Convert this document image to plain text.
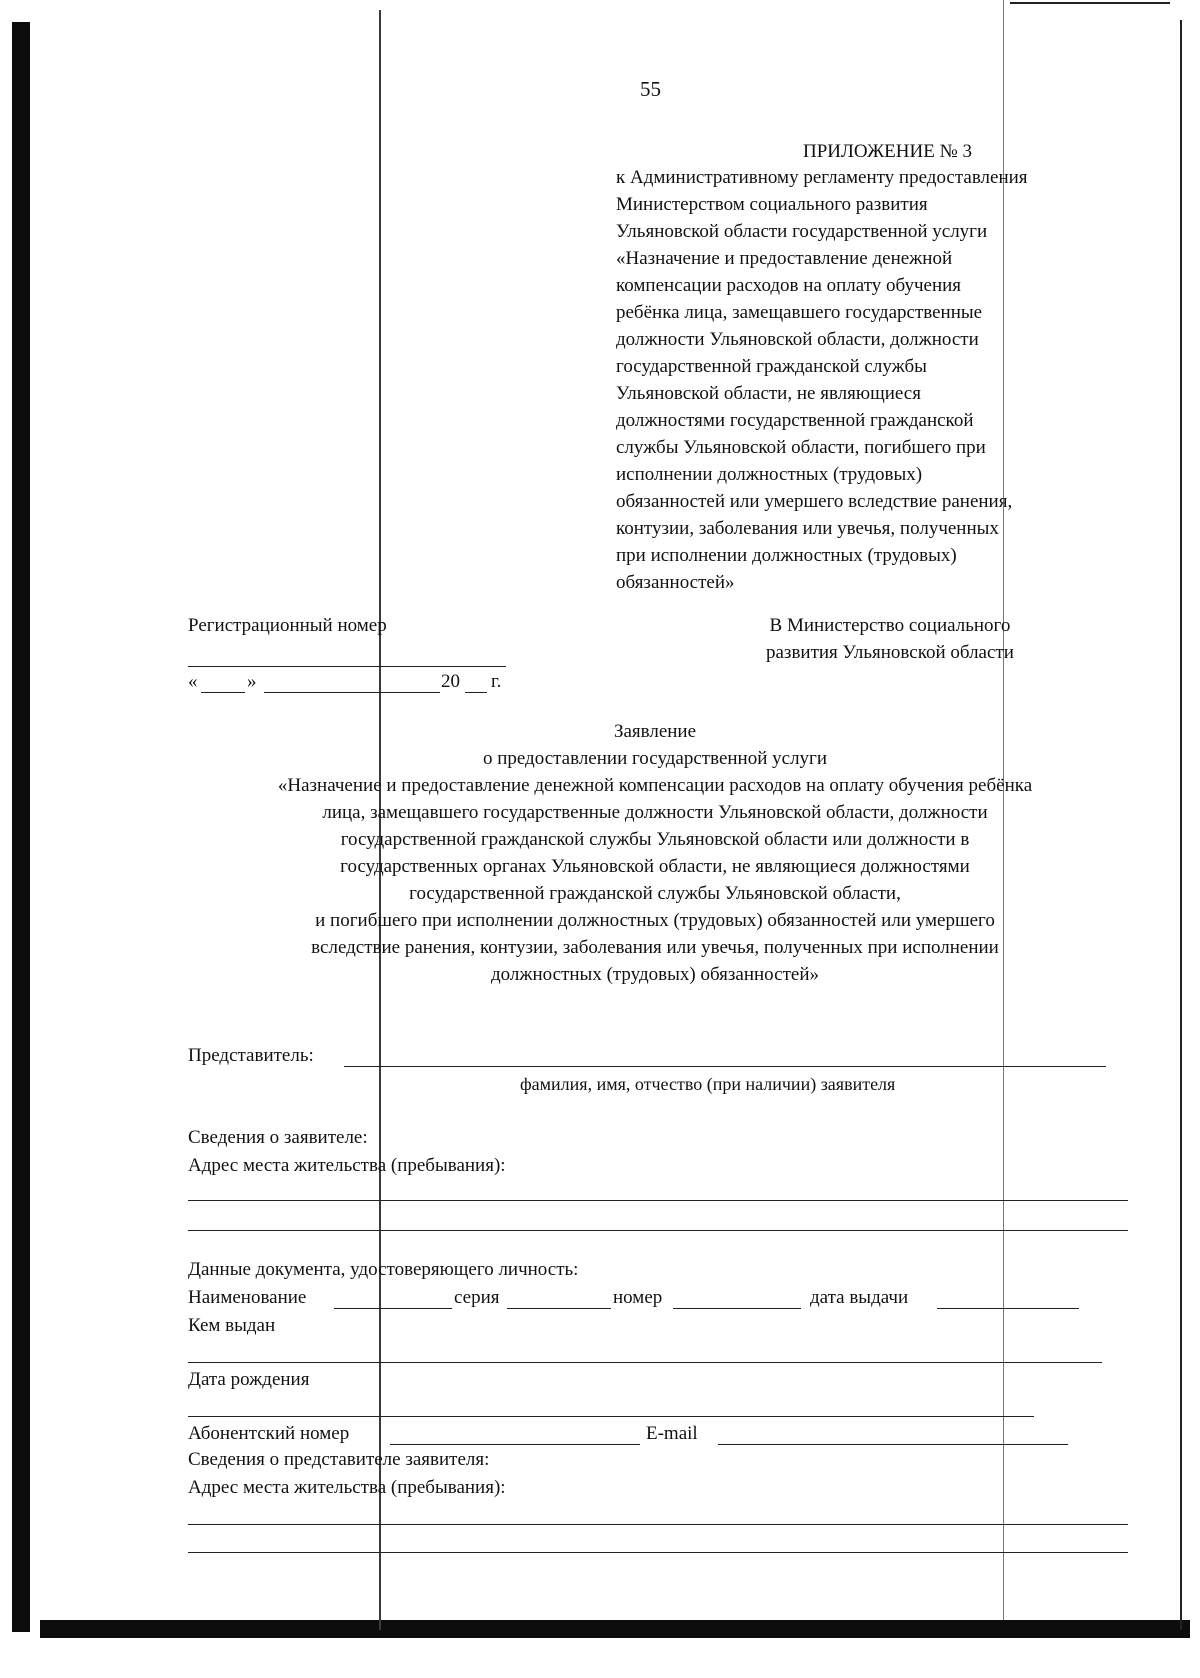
55
ПРИЛОЖЕНИЕ № 3
к Административному регламенту предоставления
Министерством социального развития
Ульяновской области государственной услуги
«Назначение и предоставление денежной
компенсации расходов на оплату обучения
ребёнка лица, замещавшего государственные
должности Ульяновской области, должности
государственной гражданской службы
Ульяновской области, не являющиеся
должностями государственной гражданской
службы Ульяновской области, погибшего при
исполнении должностных (трудовых)
обязанностей или умершего вследствие ранения,
контузии, заболевания или увечья, полученных
при исполнении должностных (трудовых)
обязанностей»
Регистрационный номер	В Министерство социального
развития Ульяновской области
«	»	20 г.
Заявление
о предоставлении государственной услуги
«Назначение и предоставление денежной компенсации расходов на оплату обучения ребёнка
лица, замещавшего государственные должности Ульяновской области, должности
государственной гражданской службы Ульяновской области или должности в
государственных органах Ульяновской области, не являющиеся должностями
государственной гражданской службы Ульяновской области,
и погибшего при исполнении должностных (трудовых) обязанностей или умершего
вследствие ранения, контузии, заболевания или увечья, полученных при исполнении
должностных (трудовых) обязанностей»
Представитель:
фамилия, имя, отчество (при наличии) заявителя
Сведения о заявителе:
Адрес места жительства (пребывания):
Данные документа, удостоверяющего личность:
Наименование	серия	номер	дата выдачи
Кем выдан
Дата рождения
Абонентский номер	E-mail
Сведения о представителе заявителя:
Адрес места жительства (пребывания):
